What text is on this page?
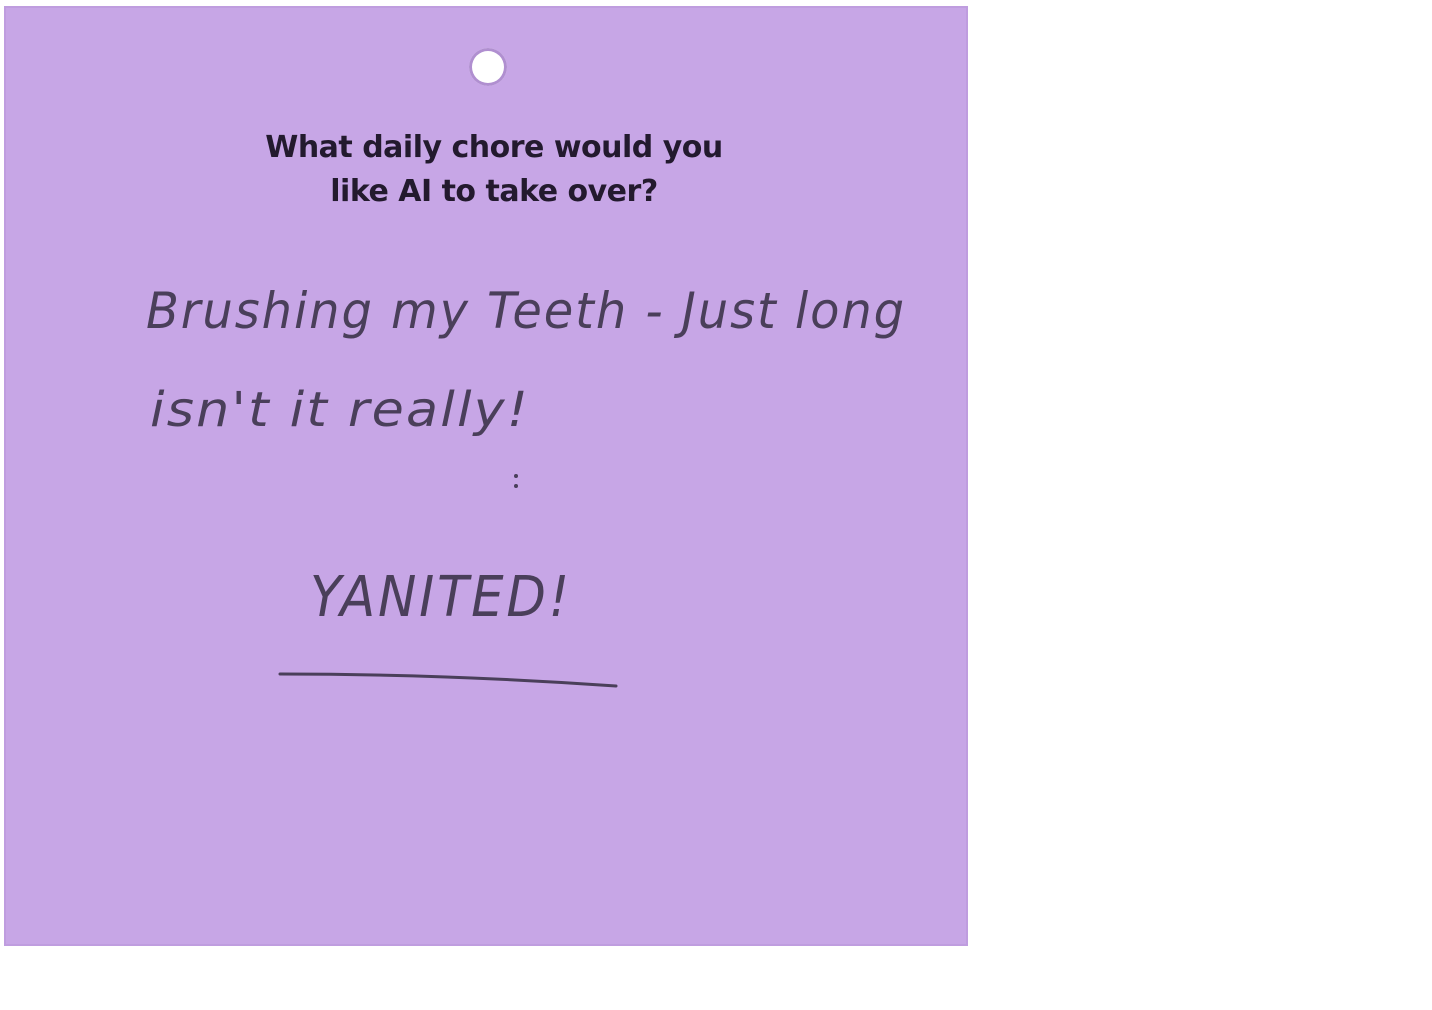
What daily chore would you
like AI to take over?
Brushing my Teeth - Just long
isn't it really!
YANITED!
